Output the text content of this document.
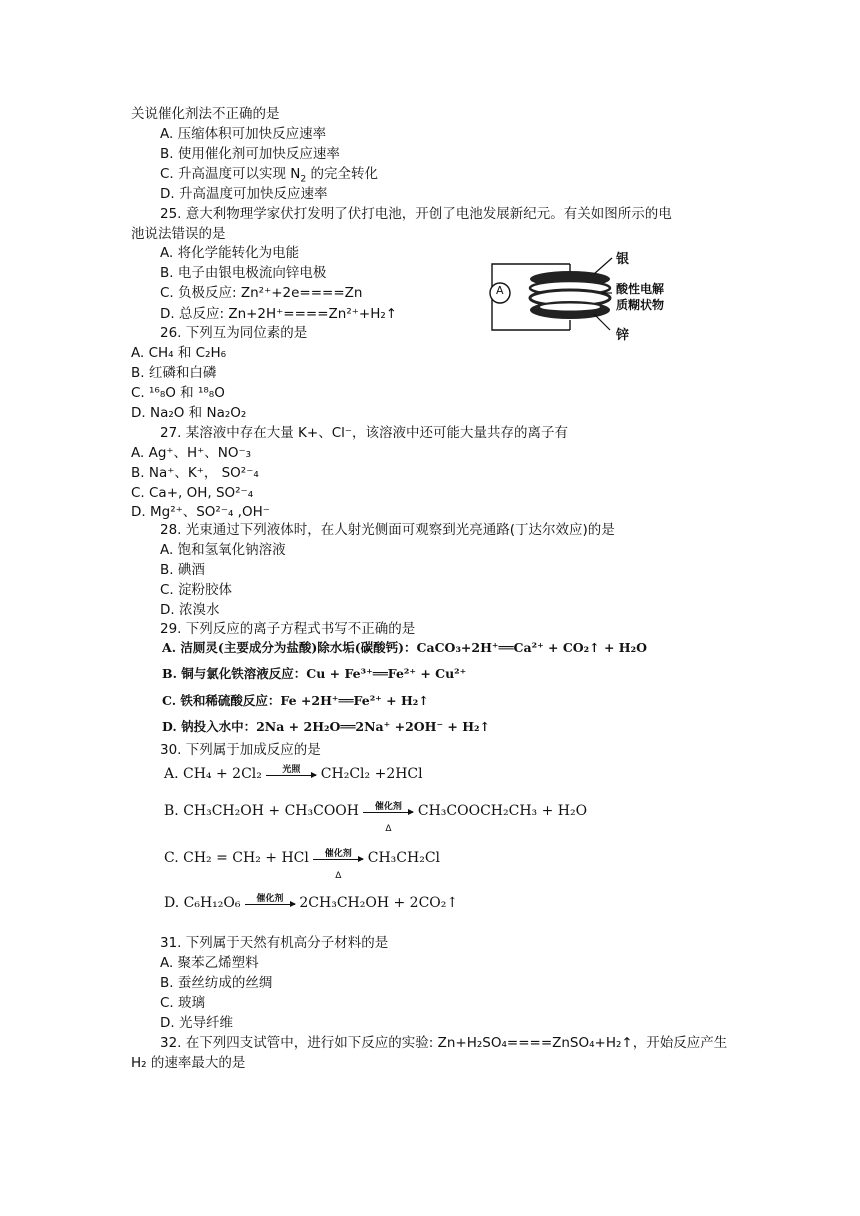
关说催化剂法不正确的是
A. 压缩体积可加快反应速率
B. 使用催化剂可加快反应速率
C. 升高温度可以实现 $N_2$ 的完全转化
D. 升高温度可加快反应速率
25. 意大利物理学家伏打发明了伏打电池，开创了电池发展新纪元。有关如图所示的电
池说法错误的是
A. 将化学能转化为电能
B. 电子由银电极流向锌电极
C. 负极反应: Zn²⁺+2e====Zn
D. 总反应: Zn+2H⁺====Zn²⁺+H₂↑
A
银
酸性电解
质糊状物
锌
26. 下列互为同位素的是
A. CH₄ 和 C₂H₆
B. 红磷和白磷
C. ¹⁶₈O 和 ¹⁸₈O
D. Na₂O 和 Na₂O₂
27. 某溶液中存在大量 K+、Cl⁻，该溶液中还可能大量共存的离子有
A. Ag⁺、H⁺、NO⁻₃
B. Na⁺、K⁺， SO²⁻₄
C. Ca+, OH, SO²⁻₄
D. Mg²⁺、SO²⁻₄ ,OH⁻
28. 光束通过下列液体时，在人射光侧面可观察到光亮通路(丁达尔效应)的是
A. 饱和氢氧化钠溶液
B. 碘酒
C. 淀粉胶体
D. 浓溴水
29. 下列反应的离子方程式书写不正确的是
A. 洁厕灵(主要成分为盐酸)除水垢(碳酸钙)：CaCO₃+2H⁺══Ca²⁺ + CO₂↑ + H₂O
B. 铜与氯化铁溶液反应：Cu + Fe³⁺══Fe²⁺ + Cu²⁺
C. 铁和稀硫酸反应：Fe +2H⁺══Fe²⁺ + H₂↑
D. 钠投入水中：2Na + 2H₂O══2Na⁺ +2OH⁻ + H₂↑
30. 下列属于加成反应的是
A. CH₄ + 2Cl₂	光照	CH₂Cl₂ +2HCl
B. CH₃CH₂OH + CH₃COOH	催化剂
Δ
CH₃COOCH₂CH₃ + H₂O
C. CH₂ = CH₂ + HCl	催化剂
Δ
CH₃CH₂Cl
D. C₆H₁₂O₆	催化剂	2CH₃CH₂OH + 2CO₂↑
31. 下列属于天然有机高分子材料的是
A. 聚苯乙烯塑料
B. 蚕丝纺成的丝绸
C. 玻璃
D. 光导纤维
32. 在下列四支试管中，进行如下反应的实验: Zn+H₂SO₄====ZnSO₄+H₂↑，开始反应产生
H₂ 的速率最大的是
